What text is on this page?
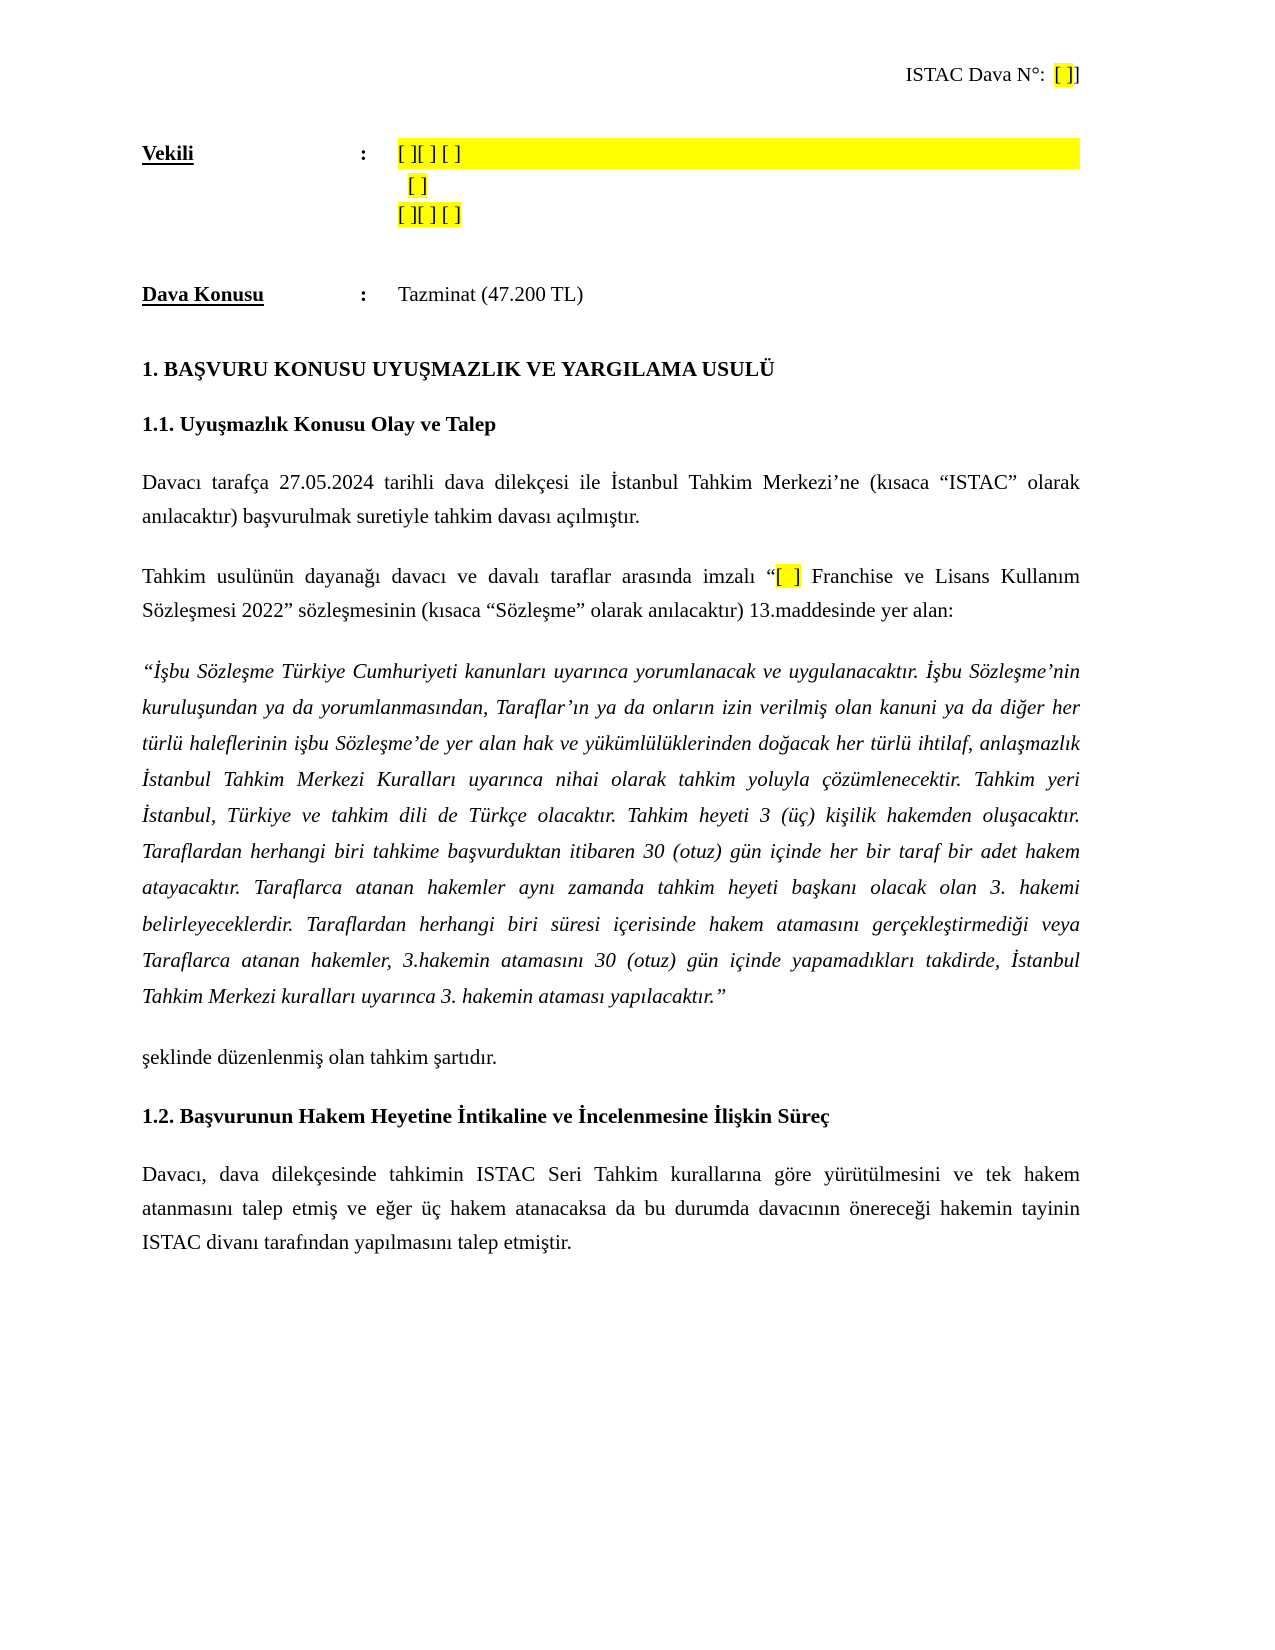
ISTAC Dava N°: [ ]]
Vekili	:	[ ][ ] [ ]
[ ]
[ ][ ] [ ]
Dava Konusu	:	Tazminat (47.200 TL)
1. BAŞVURU KONUSU UYUŞMAZLIK VE YARGILAMA USULÜ
1.1. Uyuşmazlık Konusu Olay ve Talep

Davacı tarafça 27.05.2024 tarihli dava dilekçesi ile İstanbul Tahkim Merkezi’ne (kısaca “ISTAC” olarak anılacaktır) başvurulmak suretiyle tahkim davası açılmıştır.

Tahkim usulünün dayanağı davacı ve davalı taraflar arasında imzalı “[ ] Franchise ve Lisans Kullanım Sözleşmesi 2022” sözleşmesinin (kısaca “Sözleşme” olarak anılacaktır) 13.maddesinde yer alan:

“İşbu Sözleşme Türkiye Cumhuriyeti kanunları uyarınca yorumlanacak ve uygulanacaktır. İşbu Sözleşme’nin kuruluşundan ya da yorumlanmasından, Taraflar’ın ya da onların izin verilmiş olan kanuni ya da diğer her türlü haleflerinin işbu Sözleşme’de yer alan hak ve yükümlülüklerinden doğacak her türlü ihtilaf, anlaşmazlık İstanbul Tahkim Merkezi Kuralları uyarınca nihai olarak tahkim yoluyla çözümlenecektir. Tahkim yeri İstanbul, Türkiye ve tahkim dili de Türkçe olacaktır. Tahkim heyeti 3 (üç) kişilik hakemden oluşacaktır. Taraflardan herhangi biri tahkime başvurduktan itibaren 30 (otuz) gün içinde her bir taraf bir adet hakem atayacaktır. Taraflarca atanan hakemler aynı zamanda tahkim heyeti başkanı olacak olan 3. hakemi belirleyeceklerdir. Taraflardan herhangi biri süresi içerisinde hakem atamasını gerçekleştirmediği veya Taraflarca atanan hakemler, 3.hakemin atamasını 30 (otuz) gün içinde yapamadıkları takdirde, İstanbul Tahkim Merkezi kuralları uyarınca 3. hakemin ataması yapılacaktır.”

şeklinde düzenlenmiş olan tahkim şartıdır.

1.2. Başvurunun Hakem Heyetine İntikaline ve İncelenmesine İlişkin Süreç

Davacı, dava dilekçesinde tahkimin ISTAC Seri Tahkim kurallarına göre yürütülmesini ve tek hakem atanmasını talep etmiş ve eğer üç hakem atanacaksa da bu durumda davacının önereceği hakemin tayinin ISTAC divanı tarafından yapılmasını talep etmiştir.
